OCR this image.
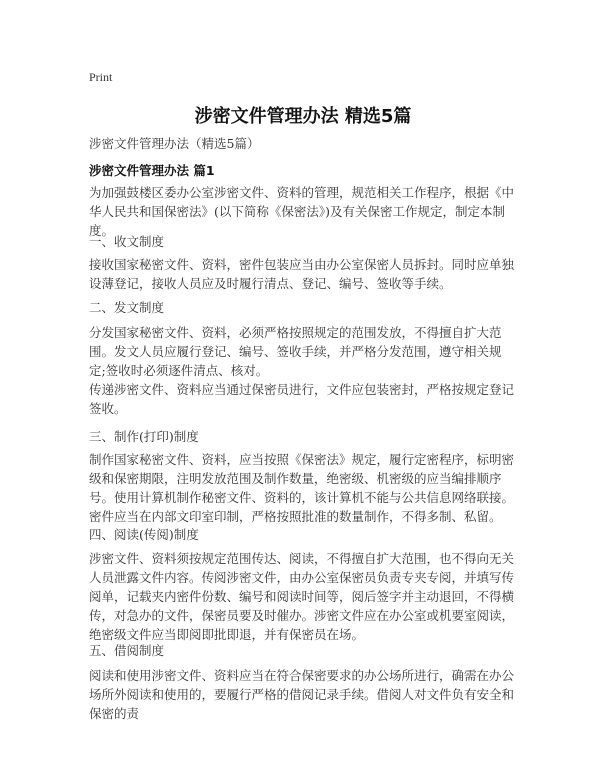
Print
涉密文件管理办法 精选5篇
涉密文件管理办法（精选5篇）
涉密文件管理办法 篇1

为加强鼓楼区委办公室涉密文件、资料的管理，规范相关工作程序，根据《中华人民共和国保密法》(以下简称《保密法》)及有关保密工作规定，制定本制度。

一、收文制度

接收国家秘密文件、资料，密件包装应当由办公室保密人员拆封。同时应单独设薄登记，接收人员应及时履行清点、登记、编号、签收等手续。

二、发文制度

分发国家秘密文件、资料，必须严格按照规定的范围发放，不得擅自扩大范围。发文人员应履行登记、编号、签收手续，并严格分发范围，遵守相关规定;签收时必须逐件清点、核对。

传递涉密文件、资料应当通过保密员进行，文件应包装密封，严格按规定登记签收。

三、制作(打印)制度

制作国家秘密文件、资料，应当按照《保密法》规定，履行定密程序，标明密级和保密期限，注明发放范围及制作数量，绝密级、机密级的应当编排顺序号。使用计算机制作秘密文件、资料的，该计算机不能与公共信息网络联接。密件应当在内部文印室印制，严格按照批准的数量制作，不得多制、私留。

四、阅读(传阅)制度

涉密文件、资料须按规定范围传达、阅读，不得擅自扩大范围，也不得向无关人员泄露文件内容。传阅涉密文件，由办公室保密员负责专夹专阅，并填写传阅单，记载夹内密件份数、编号和阅读时间等，阅后签字并主动退回，不得横传，对急办的文件，保密员要及时催办。涉密文件应在办公室或机要室阅读，绝密级文件应当即阅即批即退，并有保密员在场。

五、借阅制度

阅读和使用涉密文件、资料应当在符合保密要求的办公场所进行，确需在办公场所外阅读和使用的，要履行严格的借阅记录手续。借阅人对文件负有安全和保密的责
